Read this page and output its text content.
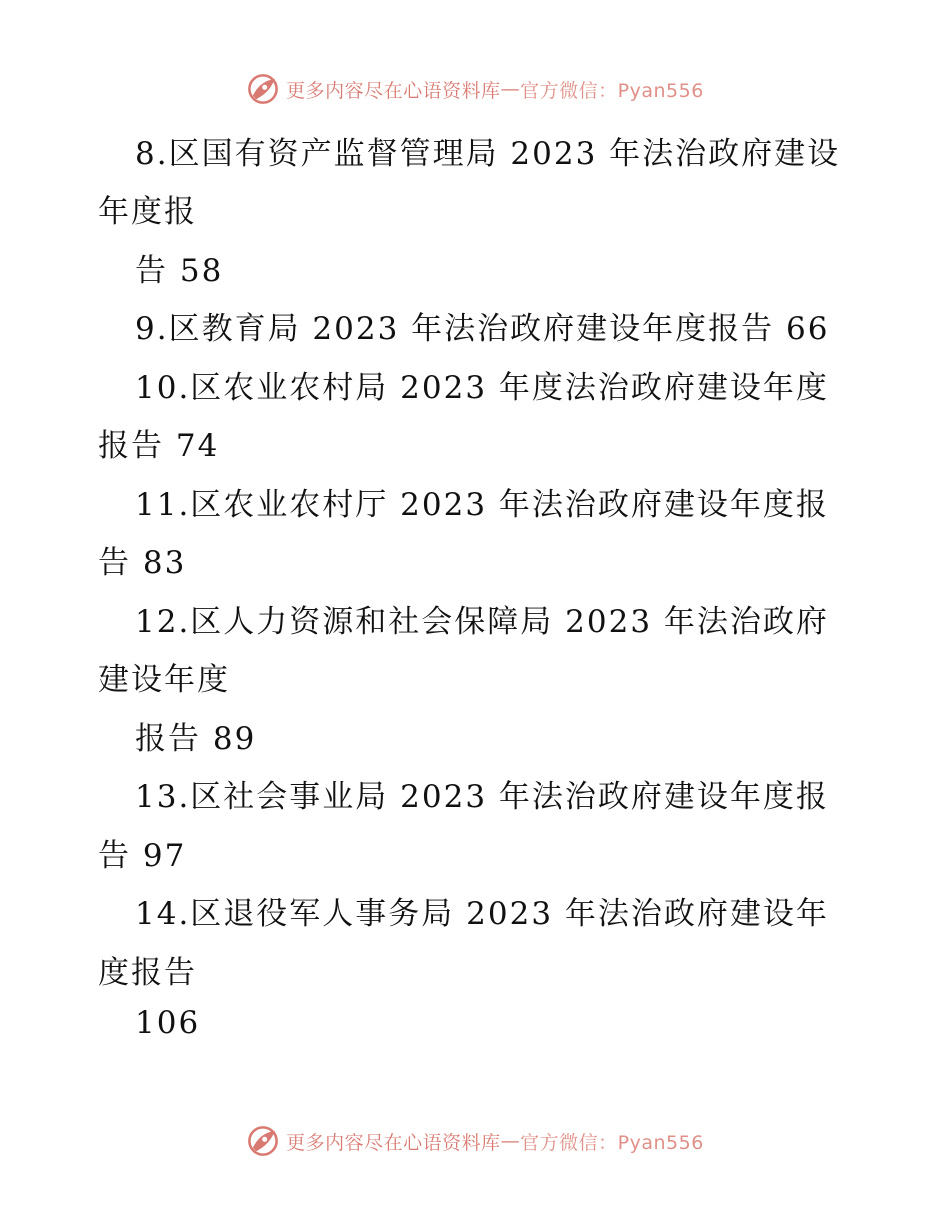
更多内容尽在心语资料库 — 官方微信：Pyan556
8.区国有资产监督管理局 2023 年法治政府建设
年度报
告 58
9.区教育局 2023 年法治政府建设年度报告 66
10.区农业农村局 2023 年度法治政府建设年度
报告 74
11.区农业农村厅 2023 年法治政府建设年度报
告 83
12.区人力资源和社会保障局 2023 年法治政府
建设年度
报告 89
13.区社会事业局 2023 年法治政府建设年度报
告 97
14.区退役军人事务局 2023 年法治政府建设年
度报告
106
更多内容尽在心语资料库 — 官方微信：Pyan556
